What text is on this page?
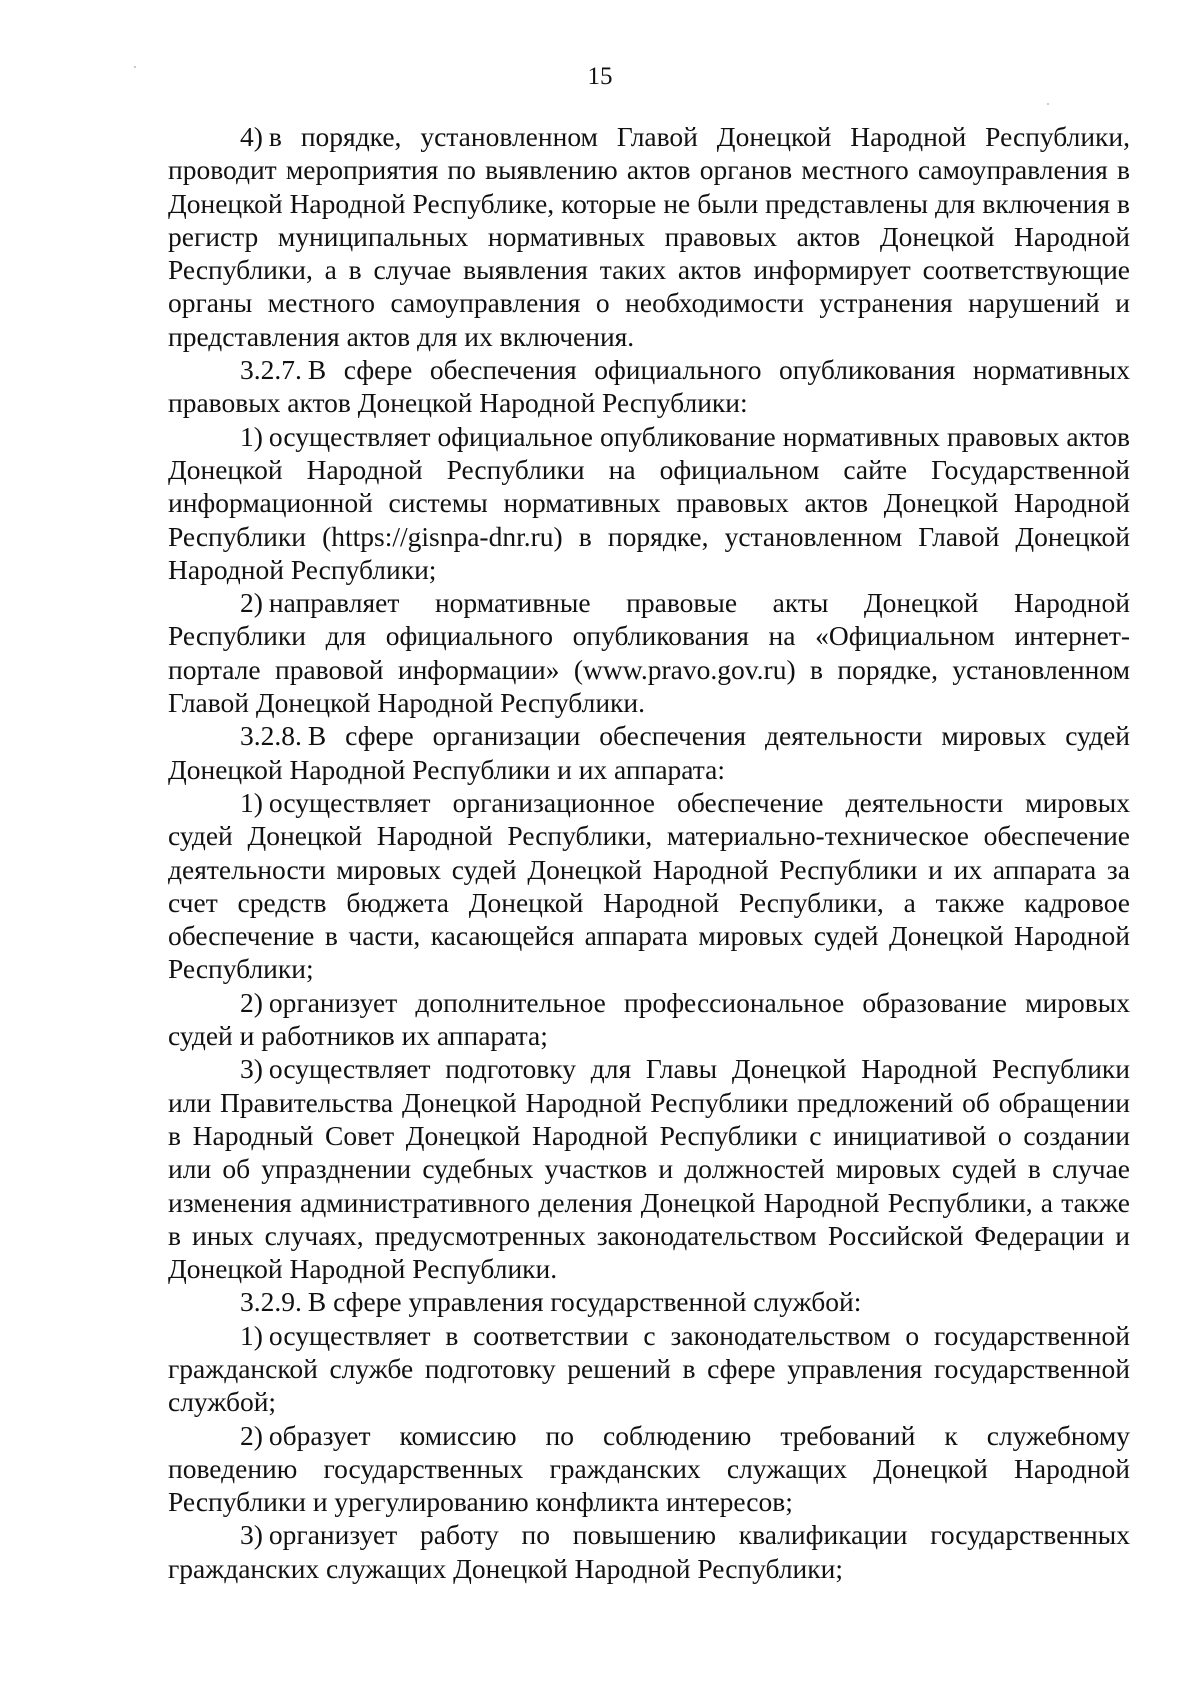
15

4) в порядке, установленном Главой Донецкой Народной Республики, проводит мероприятия по выявлению актов органов местного самоуправления в Донецкой Народной Республике, которые не были представлены для включения в регистр муниципальных нормативных правовых актов Донецкой Народной Республики, а в случае выявления таких актов информирует соответствующие органы местного самоуправления о необходимости устранения нарушений и представления актов для их включения.

3.2.7. В сфере обеспечения официального опубликования нормативных правовых актов Донецкой Народной Республики:

1) осуществляет официальное опубликование нормативных правовых актов Донецкой Народной Республики на официальном сайте Государственной информационной системы нормативных правовых актов Донецкой Народной Республики (https://gisnpa-dnr.ru) в порядке, установленном Главой Донецкой Народной Республики;

2) направляет нормативные правовые акты Донецкой Народной Республики для официального опубликования на «Официальном интернет-портале правовой информации» (www.pravo.gov.ru) в порядке, установленном Главой Донецкой Народной Республики.

3.2.8. В сфере организации обеспечения деятельности мировых судей Донецкой Народной Республики и их аппарата:

1) осуществляет организационное обеспечение деятельности мировых судей Донецкой Народной Республики, материально-техническое обеспечение деятельности мировых судей Донецкой Народной Республики и их аппарата за счет средств бюджета Донецкой Народной Республики, а также кадровое обеспечение в части, касающейся аппарата мировых судей Донецкой Народной Республики;

2) организует дополнительное профессиональное образование мировых судей и работников их аппарата;

3) осуществляет подготовку для Главы Донецкой Народной Республики или Правительства Донецкой Народной Республики предложений об обращении в Народный Совет Донецкой Народной Республики с инициативой о создании или об упразднении судебных участков и должностей мировых судей в случае изменения административного деления Донецкой Народной Республики, а также в иных случаях, предусмотренных законодательством Российской Федерации и Донецкой Народной Республики.

3.2.9. В сфере управления государственной службой:

1) осуществляет в соответствии с законодательством о государственной гражданской службе подготовку решений в сфере управления государственной службой;

2) образует комиссию по соблюдению требований к служебному поведению государственных гражданских служащих Донецкой Народной Республики и урегулированию конфликта интересов;

3) организует работу по повышению квалификации государственных гражданских служащих Донецкой Народной Республики;
